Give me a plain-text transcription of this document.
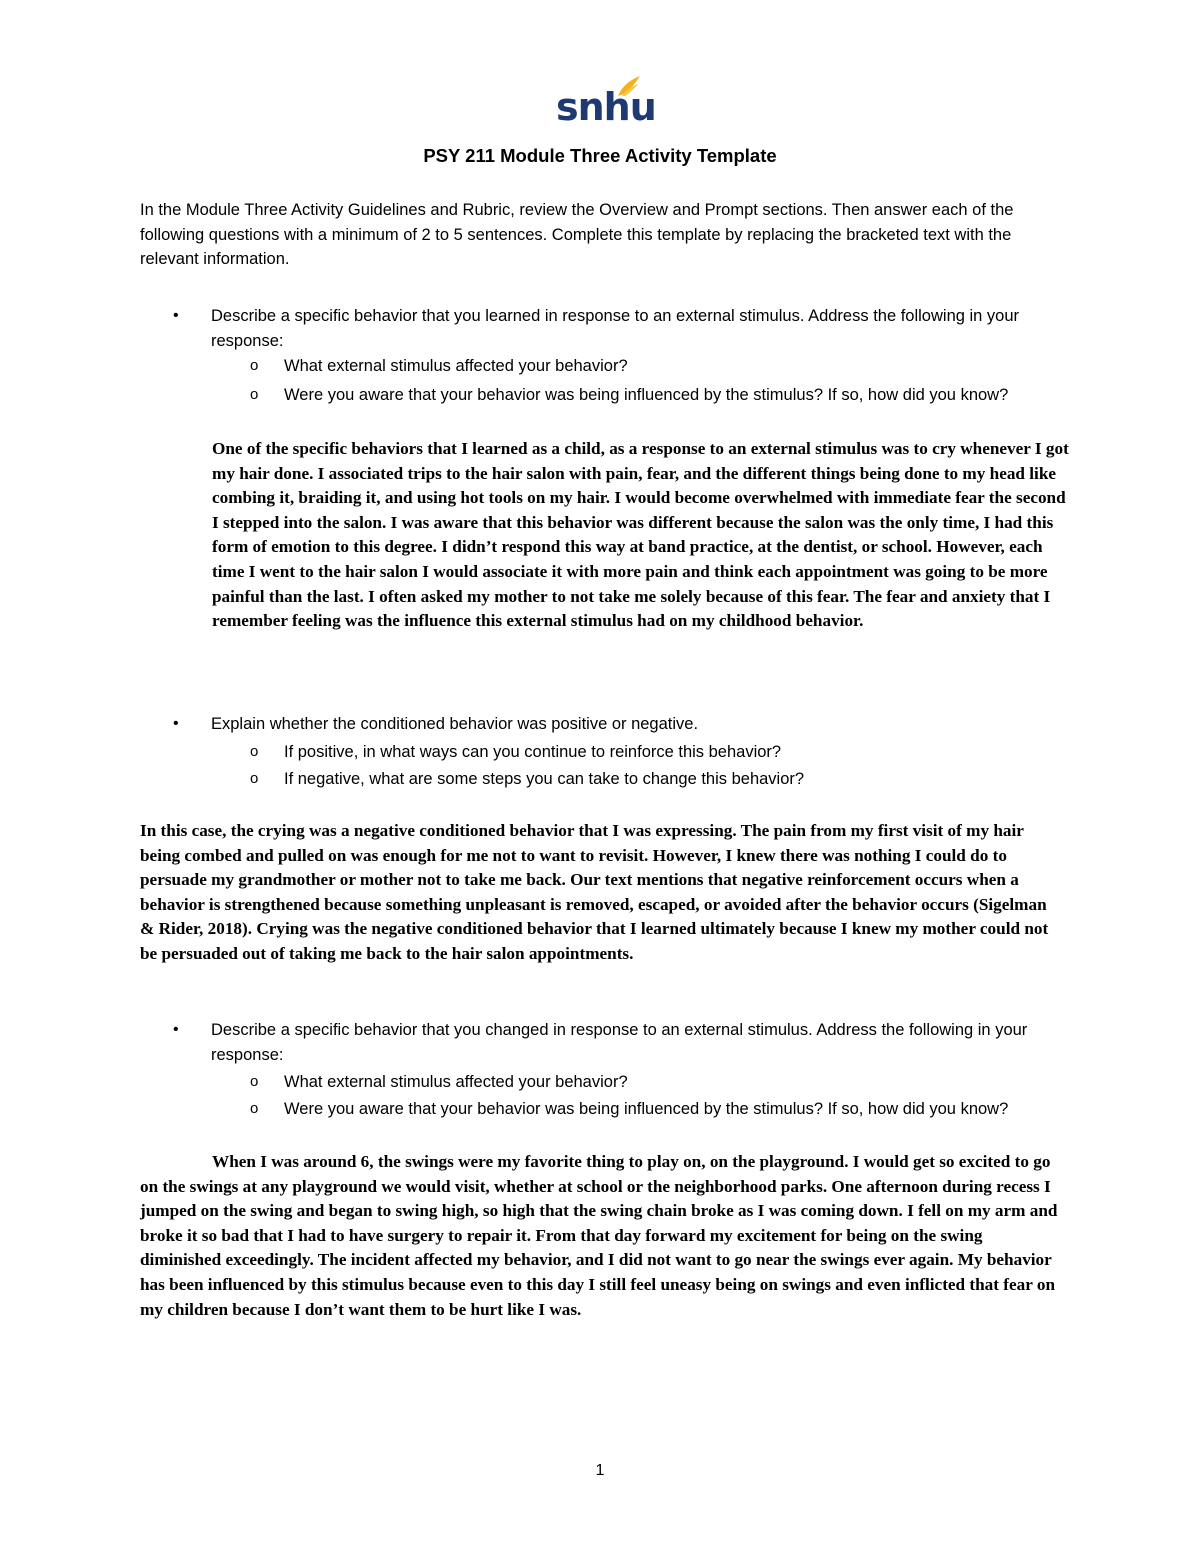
snhu
PSY 211 Module Three Activity Template
In the Module Three Activity Guidelines and Rubric, review the Overview and Prompt sections. Then answer each of the following questions with a minimum of 2 to 5 sentences. Complete this template by replacing the bracketed text with the relevant information.
•	Describe a specific behavior that you learned in response to an external stimulus. Address the following in your response:
o What external stimulus affected your behavior?
o Were you aware that your behavior was being influenced by the stimulus? If so, how did you know?
One of the specific behaviors that I learned as a child, as a response to an external stimulus was to cry whenever I got my hair done. I associated trips to the hair salon with pain, fear, and the different things being done to my head like combing it, braiding it, and using hot tools on my hair. I would become overwhelmed with immediate fear the second I stepped into the salon. I was aware that this behavior was different because the salon was the only time, I had this form of emotion to this degree. I didn’t respond this way at band practice, at the dentist, or school. However, each time I went to the hair salon I would associate it with more pain and think each appointment was going to be more painful than the last. I often asked my mother to not take me solely because of this fear. The fear and anxiety that I remember feeling was the influence this external stimulus had on my childhood behavior.
•	Explain whether the conditioned behavior was positive or negative.
o If positive, in what ways can you continue to reinforce this behavior?
o If negative, what are some steps you can take to change this behavior?
In this case, the crying was a negative conditioned behavior that I was expressing. The pain from my first visit of my hair being combed and pulled on was enough for me not to want to revisit. However, I knew there was nothing I could do to persuade my grandmother or mother not to take me back. Our text mentions that negative reinforcement occurs when a behavior is strengthened because something unpleasant is removed, escaped, or avoided after the behavior occurs (Sigelman & Rider, 2018). Crying was the negative conditioned behavior that I learned ultimately because I knew my mother could not be persuaded out of taking me back to the hair salon appointments.
•	Describe a specific behavior that you changed in response to an external stimulus. Address the following in your response:
o What external stimulus affected your behavior?
o Were you aware that your behavior was being influenced by the stimulus? If so, how did you know?
When I was around 6, the swings were my favorite thing to play on, on the playground. I would get so excited to go on the swings at any playground we would visit, whether at school or the neighborhood parks. One afternoon during recess I jumped on the swing and began to swing high, so high that the swing chain broke as I was coming down. I fell on my arm and broke it so bad that I had to have surgery to repair it. From that day forward my excitement for being on the swing diminished exceedingly. The incident affected my behavior, and I did not want to go near the swings ever again. My behavior has been influenced by this stimulus because even to this day I still feel uneasy being on swings and even inflicted that fear on my children because I don’t want them to be hurt like I was.
1
